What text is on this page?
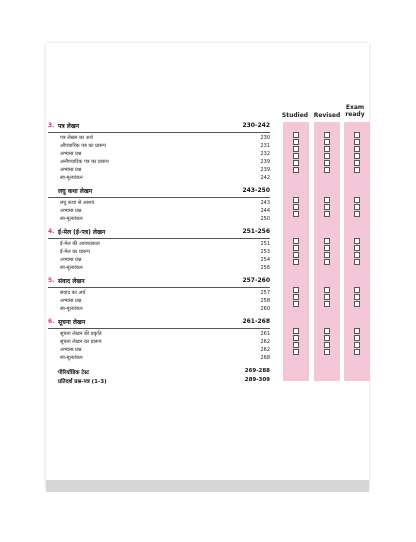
Studied Revised
Exam
ready
3. पत्र लेखन	230-242
पत्र लेखन का अर्थ	230
औपचारिक पत्र का प्रारूप	231
अभ्यास प्रश्न	232
अनौपचारिक पत्र का प्रारूप	239
अभ्यास प्रश्न	239
स्व-मूल्यांकन	242
लघु कथा लेखन	243-250
लघु कथा से आशय	243
अभ्यास प्रश्न	244
स्व-मूल्यांकन	250
4. ई-मेल (ई-पत्र) लेखन	251-256
ई-मेल की आवश्यकता	251
ई-मेल का प्रारूप	253
अभ्यास प्रश्न	254
स्व-मूल्यांकन	256
5. संवाद लेखन	257-260
संवाद का अर्थ	257
अभ्यास प्रश्न	258
स्व-मूल्यांकन	260
6. सूचना लेखन	261-268
सूचना लेखन की प्रकृति	261
सूचना लेखन का प्रारूप	262
अभ्यास प्रश्न	262
स्व-मूल्यांकन	268
पीरियॉडिक टेस्ट	269-288
प्रतिदर्श प्रश्न-पत्र (1-3)	289-309
